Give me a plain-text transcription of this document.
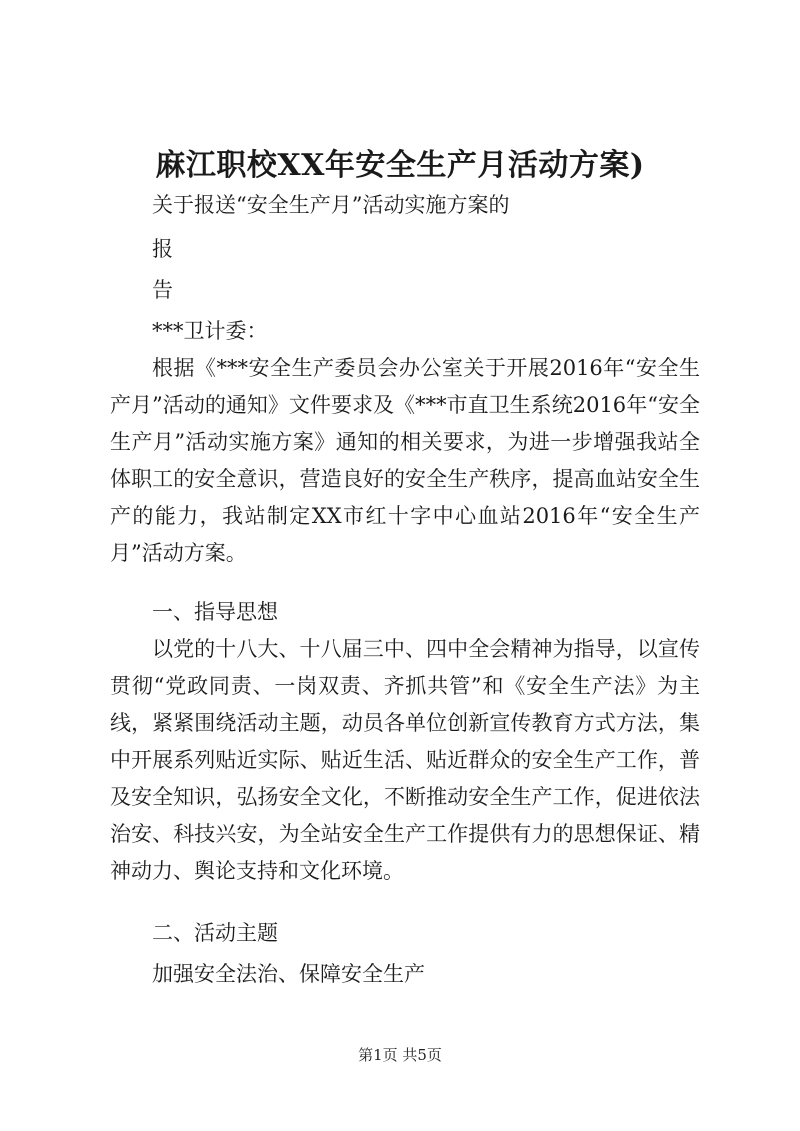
麻江职校XX年安全生产月活动方案)
关于报送“安全生产月”活动实施方案的
报
告
***卫计委：
根据《***安全生产委员会办公室关于开展2016年“安全生产月”活动的通知》文件要求及《***市直卫生系统2016年“安全生产月”活动实施方案》通知的相关要求，为进一步增强我站全体职工的安全意识，营造良好的安全生产秩序，提高血站安全生产的能力，我站制定XX市红十字中心血站2016年“安全生产月”活动方案。
一、指导思想
以党的十八大、十八届三中、四中全会精神为指导，以宣传贯彻“党政同责、一岗双责、齐抓共管”和《安全生产法》为主线，紧紧围绕活动主题，动员各单位创新宣传教育方式方法，集中开展系列贴近实际、贴近生活、贴近群众的安全生产工作，普及安全知识，弘扬安全文化，不断推动安全生产工作，促进依法治安、科技兴安，为全站安全生产工作提供有力的思想保证、精神动力、舆论支持和文化环境。
二、活动主题
加强安全法治、保障安全生产
第1页 共5页
